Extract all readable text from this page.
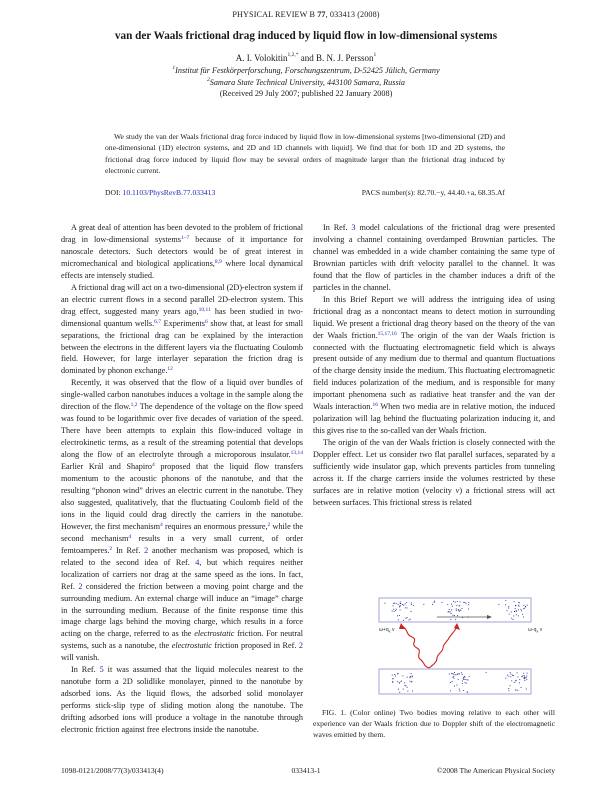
PHYSICAL REVIEW B 77, 033413 (2008)
van der Waals frictional drag induced by liquid flow in low-dimensional systems
A. I. Volokitin$^{1,2,*}$ and B. N. J. Persson$^1$
$^1$Institut für Festkörperforschung, Forschungszentrum, D-52425 Jülich, Germany
$^2$Samara State Technical University, 443100 Samara, Russia
(Received 29 July 2007; published 22 January 2008)
We study the van der Waals frictional drag force induced by liquid flow in low-dimensional systems [two-dimensional (2D) and one-dimensional (1D) electron systems, and 2D and 1D channels with liquid]. We find that for both 1D and 2D systems, the frictional drag force induced by liquid flow may be several orders of magnitude larger than the frictional drag induced by electronic current.
DOI: 10.1103/PhysRevB.77.033413	PACS number(s): 82.70.−y, 44.40.+a, 68.35.Af

A great deal of attention has been devoted to the problem of frictional drag in low-dimensional systems$^{1-7}$ because of it importance for nanoscale detectors. Such detectors would be of great interest in micromechanical and biological applications,$^{8,9}$ where local dynamical effects are intensely studied.

A frictional drag will act on a two-dimensional (2D)-electron system if an electric current flows in a second parallel 2D-electron system. This drag effect, suggested many years ago,$^{10,11}$ has been studied in two-dimensional quantum wells.$^{6,7}$ Experiments$^6$ show that, at least for small separations, the frictional drag can be explained by the interaction between the electrons in the different layers via the fluctuating Coulomb field. However, for large interlayer separation the friction drag is dominated by phonon exchange.$^{12}$

Recently, it was observed that the flow of a liquid over bundles of single-walled carbon nanotubes induces a voltage in the sample along the direction of the flow.$^{1,2}$ The dependence of the voltage on the flow speed was found to be logarithmic over five decades of variation of the speed. There have been attempts to explain this flow-induced voltage in electrokinetic terms, as a result of the streaming potential that develops along the flow of an electrolyte through a microporous insulator.$^{13,14}$ Earlier Král and Shapiro$^4$ proposed that the liquid flow transfers momentum to the acoustic phonons of the nanotube, and that the resulting “phonon wind” drives an electric current in the nanotube. They also suggested, qualitatively, that the fluctuating Coulomb field of the ions in the liquid could drag directly the carriers in the nanotube. However, the first mechanism$^4$ requires an enormous pressure,$^2$ while the second mechanism$^4$ results in a very small current, of order femtoamperes.$^2$ In Ref. 2 another mechanism was proposed, which is related to the second idea of Ref. 4, but which requires neither localization of carriers nor drag at the same speed as the ions. In fact, Ref. 2 considered the friction between a moving point charge and the surrounding medium. An external charge will induce an “image” charge in the surrounding medium. Because of the finite response time this image charge lags behind the moving charge, which results in a force acting on the charge, referred to as the electrostatic friction. For neutral systems, such as a nanotube, the electrostatic friction proposed in Ref. 2 will vanish.

In Ref. 5 it was assumed that the liquid molecules nearest to the nanotube form a 2D solidlike monolayer, pinned to the nanotube by adsorbed ions. As the liquid flows, the adsorbed solid monolayer performs stick-slip type of sliding motion along the nanotube. The drifting adsorbed ions will produce a voltage in the nanotube through electronic friction against free electrons inside the nanotube.

In Ref. 3 model calculations of the frictional drag were presented involving a channel containing overdamped Brownian particles. The channel was embedded in a wide chamber containing the same type of Brownian particles with drift velocity parallel to the channel. It was found that the flow of particles in the chamber induces a drift of the particles in the channel.

In this Brief Report we will address the intriguing idea of using frictional drag as a noncontact means to detect motion in surrounding liquid. We present a frictional drag theory based on the theory of the van der Waals friction.$^{15,17,16}$ The origin of the van der Waals friction is connected with the fluctuating electromagnetic field which is always present outside of any medium due to thermal and quantum fluctuations of the charge density inside the medium. This fluctuating electromagnetic field induces polarization of the medium, and is responsible for many important phenomena such as radiative heat transfer and the van der Waals interaction.$^{16}$ When two media are in relative motion, the induced polarization will lag behind the fluctuating polarization inducing it, and this gives rise to the so-called van der Waals friction.

The origin of the van der Waals friction is closely connected with the Doppler effect. Let us consider two flat parallel surfaces, separated by a sufficiently wide insulator gap, which prevents particles from tunneling across it. If the charge carriers inside the volumes restricted by these surfaces are in relative motion (velocity v) a frictional stress will act between surfaces. This frictional stress is related

v
$\omega+q_x$ v	$\omega-q_x$ v
FIG. 1. (Color online) Two bodies moving relative to each other will experience van der Waals friction due to Doppler shift of the electromagnetic waves emitted by them.
1098-0121/2008/77(3)/033413(4)	033413-1	©2008 The American Physical Society
